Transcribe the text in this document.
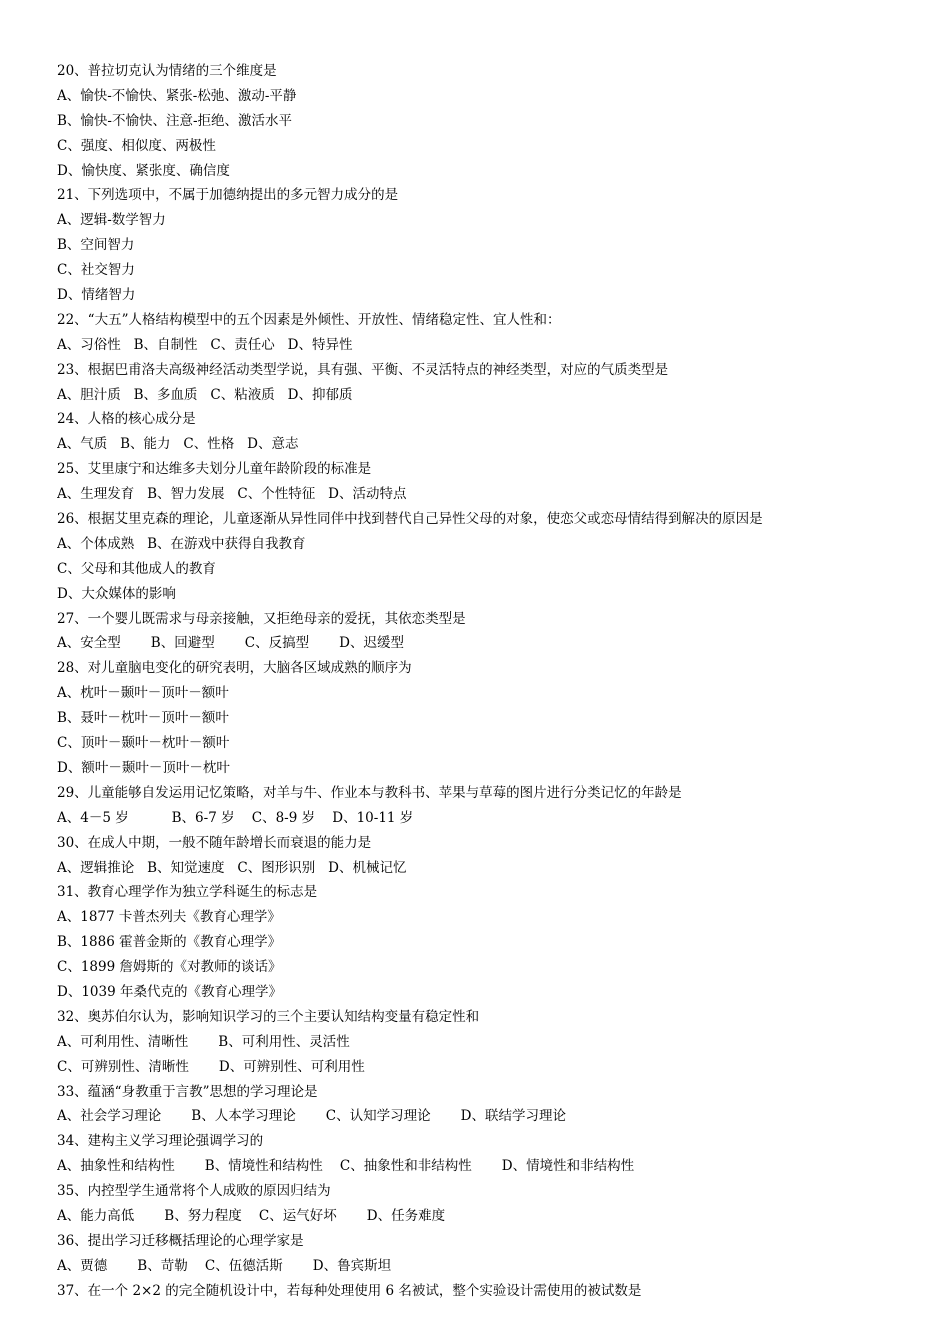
20、普拉切克认为情绪的三个维度是
A、愉快-不愉快、紧张-松弛、激动-平静
B、愉快-不愉快、注意-拒绝、激活水平
C、强度、相似度、两极性
D、愉快度、紧张度、确信度
21、下列选项中，不属于加德纳提出的多元智力成分的是
A、逻辑-数学智力
B、空间智力
C、社交智力
D、情绪智力
22、“大五”人格结构模型中的五个因素是外倾性、开放性、情绪稳定性、宜人性和：
A、习俗性   B、自制性   C、责任心   D、特异性
23、根据巴甫洛夫高级神经活动类型学说，具有强、平衡、不灵活特点的神经类型，对应的气质类型是
A、胆汁质   B、多血质   C、粘液质   D、抑郁质
24、人格的核心成分是
A、气质   B、能力   C、性格   D、意志
25、艾里康宁和达维多夫划分儿童年龄阶段的标准是
A、生理发育   B、智力发展   C、个性特征   D、活动特点
26、根据艾里克森的理论，儿童逐渐从异性同伴中找到替代自己异性父母的对象，使恋父或恋母情结得到解决的原因是
A、个体成熟   B、在游戏中获得自我教育
C、父母和其他成人的教育
D、大众媒体的影响
27、一个婴儿既需求与母亲接触，又拒绝母亲的爱抚，其依恋类型是
A、安全型       B、回避型       C、反搞型       D、迟缓型
28、对儿童脑电变化的研究表明，大脑各区域成熟的顺序为
A、枕叶－颞叶－顶叶－额叶
B、聂叶－枕叶－顶叶－额叶
C、顶叶－颞叶－枕叶－额叶
D、额叶－颞叶－顶叶－枕叶
29、儿童能够自发运用记忆策略，对羊与牛、作业本与教科书、苹果与草莓的图片进行分类记忆的年龄是
A、4－5 岁          B、6-7 岁    C、8-9 岁    D、10-11 岁
30、在成人中期，一般不随年龄增长而衰退的能力是
A、逻辑推论   B、知觉速度   C、图形识别   D、机械记忆
31、教育心理学作为独立学科诞生的标志是
A、1877 卡普杰列夫《教育心理学》
B、1886 霍普金斯的《教育心理学》
C、1899 詹姆斯的《对教师的谈话》
D、1039 年桑代克的《教育心理学》
32、奥苏伯尔认为，影响知识学习的三个主要认知结构变量有稳定性和
A、可利用性、清晰性       B、可利用性、灵活性
C、可辨别性、清晰性       D、可辨别性、可利用性
33、蕴涵“身教重于言教”思想的学习理论是
A、社会学习理论       B、人本学习理论       C、认知学习理论       D、联结学习理论
34、建构主义学习理论强调学习的
A、抽象性和结构性       B、情境性和结构性    C、抽象性和非结构性       D、情境性和非结构性
35、内控型学生通常将个人成败的原因归结为
A、能力高低       B、努力程度    C、运气好坏       D、任务难度
36、提出学习迁移概括理论的心理学家是
A、贾德       B、苛勒    C、伍德活斯       D、鲁宾斯坦
37、在一个 2×2 的完全随机设计中，若每种处理使用 6 名被试，整个实验设计需使用的被试数是
